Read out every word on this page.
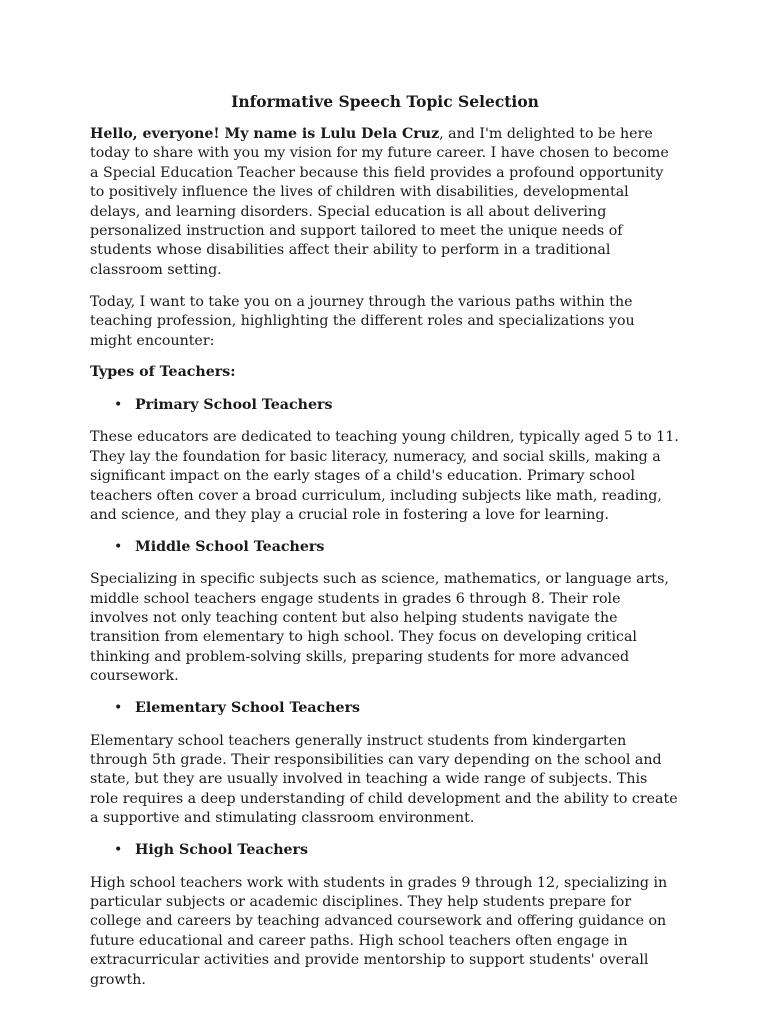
Informative Speech Topic Selection

Hello, everyone! My name is Lulu Dela Cruz, and I'm delighted to be here today to share with you my vision for my future career. I have chosen to become a Special Education Teacher because this field provides a profound opportunity to positively influence the lives of children with disabilities, developmental delays, and learning disorders. Special education is all about delivering personalized instruction and support tailored to meet the unique needs of students whose disabilities affect their ability to perform in a traditional classroom setting.

Today, I want to take you on a journey through the various paths within the teaching profession, highlighting the different roles and specializations you might encounter:

Types of Teachers:
• Primary School Teachers

These educators are dedicated to teaching young children, typically aged 5 to 11. They lay the foundation for basic literacy, numeracy, and social skills, making a significant impact on the early stages of a child's education. Primary school teachers often cover a broad curriculum, including subjects like math, reading, and science, and they play a crucial role in fostering a love for learning.

• Middle School Teachers

Specializing in specific subjects such as science, mathematics, or language arts, middle school teachers engage students in grades 6 through 8. Their role involves not only teaching content but also helping students navigate the transition from elementary to high school. They focus on developing critical thinking and problem-solving skills, preparing students for more advanced coursework.

• Elementary School Teachers

Elementary school teachers generally instruct students from kindergarten through 5th grade. Their responsibilities can vary depending on the school and state, but they are usually involved in teaching a wide range of subjects. This role requires a deep understanding of child development and the ability to create a supportive and stimulating classroom environment.

• High School Teachers

High school teachers work with students in grades 9 through 12, specializing in particular subjects or academic disciplines. They help students prepare for college and careers by teaching advanced coursework and offering guidance on future educational and career paths. High school teachers often engage in extracurricular activities and provide mentorship to support students' overall growth.
